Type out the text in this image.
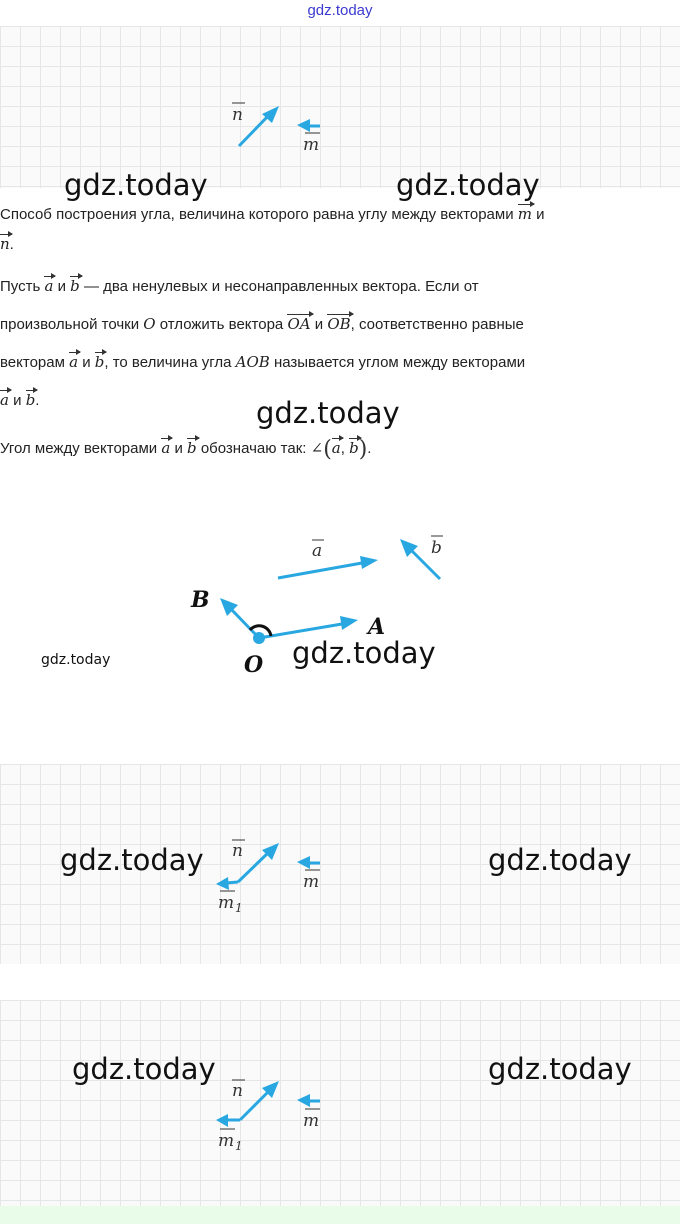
gdz.today
n
m
gdz.today	gdz.today
Способ построения угла, величина которого равна углу между векторами m и
n.
Пусть a и b — два ненулевых и несонаправленных вектора. Если от
произвольной точки O отложить вектора OA и OB, соответственно равные
векторам a и b, то величина угла AOB называется углом между векторами
a и b.	gdz.today
Угол между векторами a и b обозначаю так: ∠(a, b).
a	b
B
A
O
gdz.today	gdz.today
n
m
m 1
gdz.today	gdz.today
n
m
m 1
gdz.today	gdz.today
